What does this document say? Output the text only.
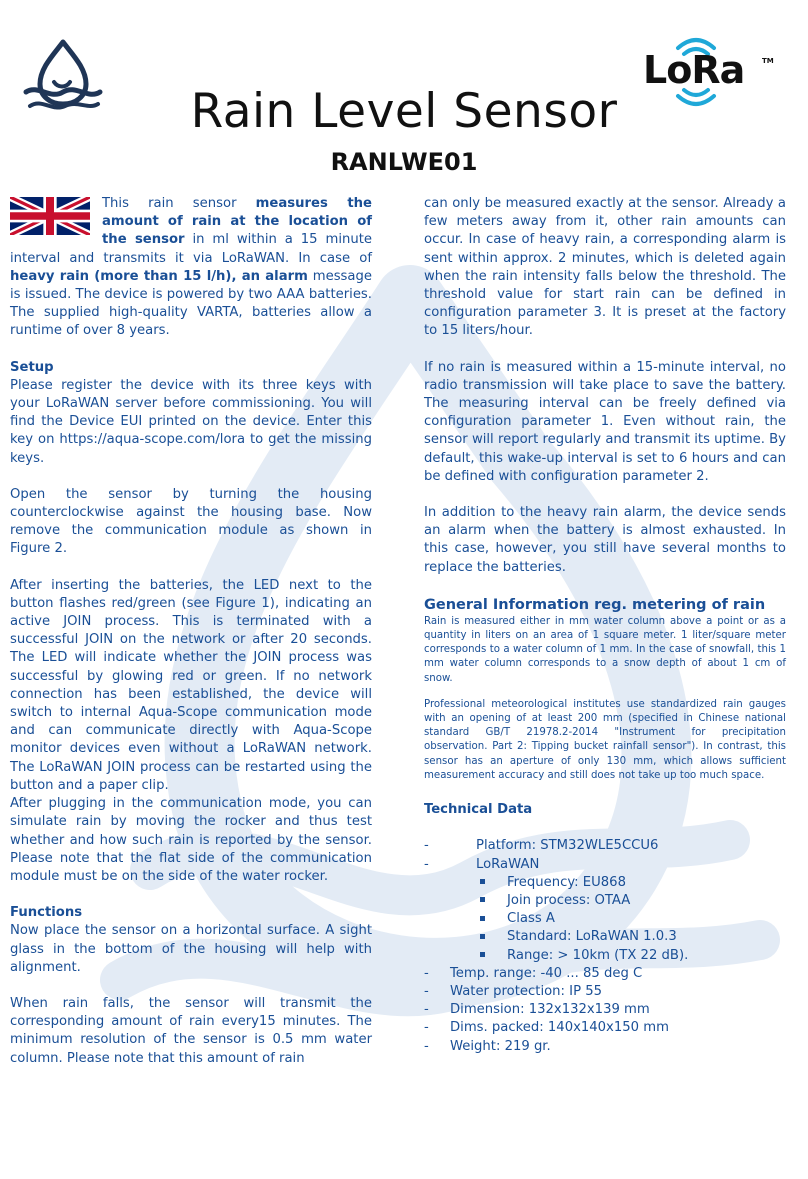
LoRa	TM
Rain Level Sensor
RANLWE01

This rain sensor measures the amount of rain at the location of the sensor in ml within a 15 minute interval and transmits it via LoRaWAN. In case of heavy rain (more than 15 l/h), an alarm message is issued. The device is powered by two AAA batteries. The supplied high-quality VARTA, batteries allow a runtime of over 8 years.

Setup

Please register the device with its three keys with your LoRaWAN server before commissioning. You will find the Device EUI printed on the device. Enter this key on https://aqua-scope.com/lora to get the missing keys.

Open the sensor by turning the housing counterclockwise against the housing base. Now remove the communication module as shown in Figure 2.

After inserting the batteries, the LED next to the button flashes red/green (see Figure 1), indicating an active JOIN process. This is terminated with a successful JOIN on the network or after 20 seconds. The LED will indicate whether the JOIN process was successful by glowing red or green. If no network connection has been established, the device will switch to internal Aqua-Scope communication mode and can communicate directly with Aqua-Scope monitor devices even without a LoRaWAN network. The LoRaWAN JOIN process can be restarted using the button and a paper clip.

After plugging in the communication mode, you can simulate rain by moving the rocker and thus test whether and how such rain is reported by the sensor. Please note that the flat side of the communication module must be on the side of the water rocker.

Functions

Now place the sensor on a horizontal surface. A sight glass in the bottom of the housing will help with alignment.

When rain falls, the sensor will transmit the corresponding amount of rain every15 minutes. The minimum resolution of the sensor is 0.5 mm water column. Please note that this amount of rain

can only be measured exactly at the sensor. Already a few meters away from it, other rain amounts can occur. In case of heavy rain, a corresponding alarm is sent within approx. 2 minutes, which is deleted again when the rain intensity falls below the threshold. The threshold value for start rain can be defined in configuration parameter 3. It is preset at the factory to 15 liters/hour.

If no rain is measured within a 15-minute interval, no radio transmission will take place to save the battery. The measuring interval can be freely defined via configuration parameter 1. Even without rain, the sensor will report regularly and transmit its uptime. By default, this wake-up interval is set to 6 hours and can be defined with configuration parameter 2.

In addition to the heavy rain alarm, the device sends an alarm when the battery is almost exhausted. In this case, however, you still have several months to replace the batteries.

General Information reg. metering of rain

Rain is measured either in mm water column above a point or as a quantity in liters on an area of 1 square meter. 1 liter/square meter corresponds to a water column of 1 mm. In the case of snowfall, this 1 mm water column corresponds to a snow depth of about 1 cm of snow.

Professional meteorological institutes use standardized rain gauges with an opening of at least 200 mm (specified in Chinese national standard GB/T 21978.2-2014 "Instrument for precipitation observation. Part 2: Tipping bucket rainfall sensor"). In contrast, this sensor has an aperture of only 130 mm, which allows sufficient measurement accuracy and still does not take up too much space.

Technical Data
-	Platform: STM32WLE5CCU6
-	LoRaWAN
Frequency: EU868
Join process: OTAA
Class A
Standard: LoRaWAN 1.0.3
Range: > 10km (TX 22 dB).
- Temp. range: -40 ... 85 deg C
- Water protection: IP 55
- Dimension: 132x132x139 mm
- Dims. packed: 140x140x150 mm
- Weight: 219 gr.
